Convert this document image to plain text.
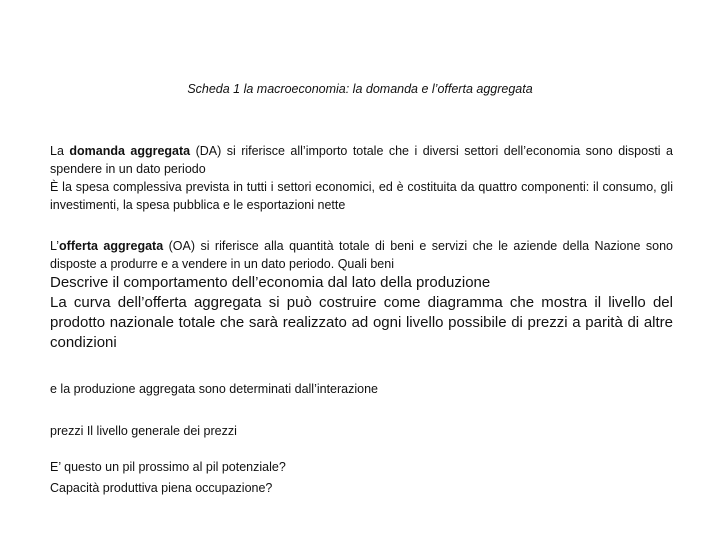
Scheda 1 la macroeconomia: la domanda e l’offerta aggregata
La domanda aggregata (DA) si riferisce all’importo totale che i diversi settori dell’economia sono disposti a spendere in un dato periodo
È la spesa complessiva prevista in tutti i settori economici, ed è costituita da quattro componenti: il consumo, gli investimenti, la spesa pubblica e le esportazioni nette
L’offerta aggregata (OA) si riferisce alla quantità totale di beni e servizi che le aziende della Nazione sono disposte a produrre e a vendere in un dato periodo. Quali beni
Descrive il comportamento dell’economia dal lato della produzione
La curva dell’offerta aggregata si può costruire come diagramma che mostra il livello del prodotto nazionale totale che sarà realizzato ad ogni livello possibile di prezzi a parità di altre condizioni
e la produzione aggregata sono determinati dall’interazione
prezzi Il livello generale dei prezzi
E’ questo un pil prossimo al pil potenziale?
Capacità produttiva piena occupazione?
